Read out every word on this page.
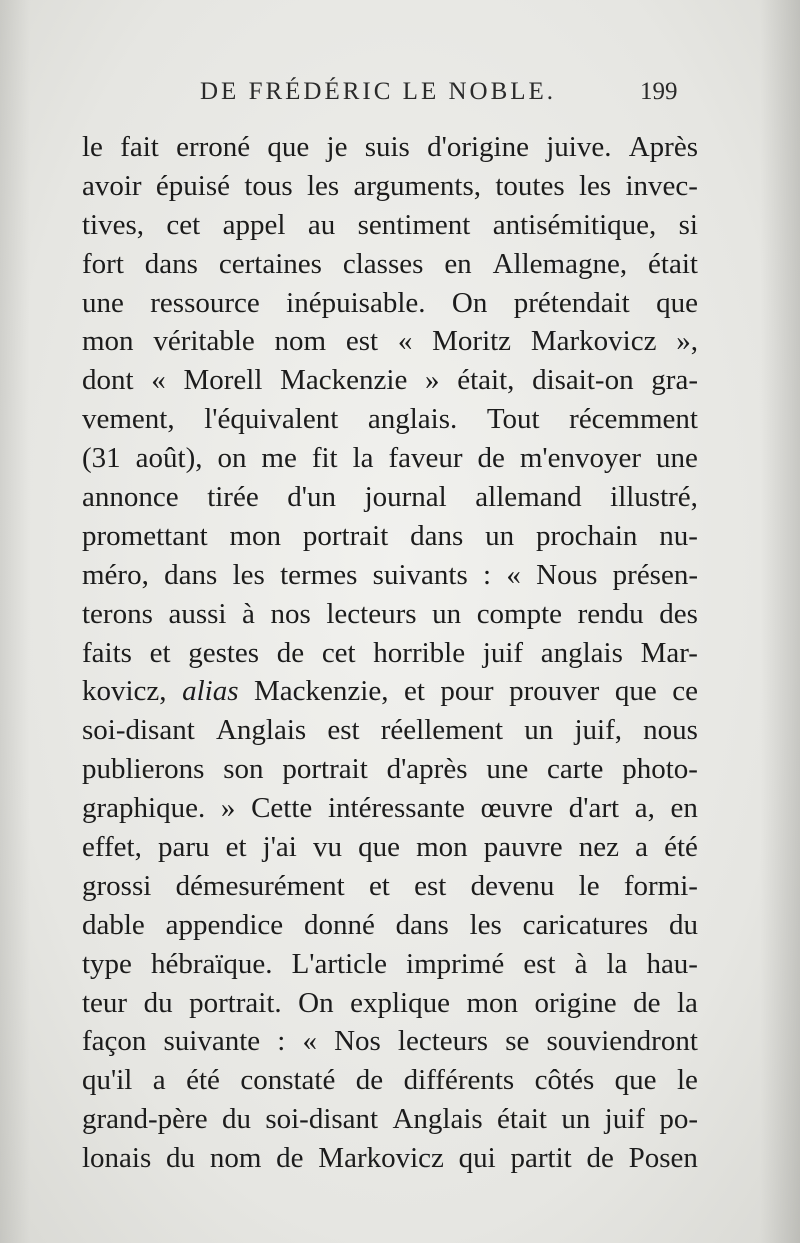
DE FRÉDÉRIC LE NOBLE.	199
le fait erroné que je suis d'origine juive. Après
avoir épuisé tous les arguments, toutes les invec-
tives, cet appel au sentiment antisémitique, si
fort dans certaines classes en Allemagne, était
une ressource inépuisable. On prétendait que
mon véritable nom est « Moritz Markovicz »,
dont « Morell Mackenzie » était, disait-on gra-
vement, l'équivalent anglais. Tout récemment
(31 août), on me fit la faveur de m'envoyer une
annonce tirée d'un journal allemand illustré,
promettant mon portrait dans un prochain nu-
méro, dans les termes suivants : « Nous présen-
terons aussi à nos lecteurs un compte rendu des
faits et gestes de cet horrible juif anglais Mar-
kovicz, alias Mackenzie, et pour prouver que ce
soi-disant Anglais est réellement un juif, nous
publierons son portrait d'après une carte photo-
graphique. » Cette intéressante œuvre d'art a, en
effet, paru et j'ai vu que mon pauvre nez a été
grossi démesurément et est devenu le formi-
dable appendice donné dans les caricatures du
type hébraïque. L'article imprimé est à la hau-
teur du portrait. On explique mon origine de la
façon suivante : « Nos lecteurs se souviendront
qu'il a été constaté de différents côtés que le
grand-père du soi-disant Anglais était un juif po-
lonais du nom de Markovicz qui partit de Posen
